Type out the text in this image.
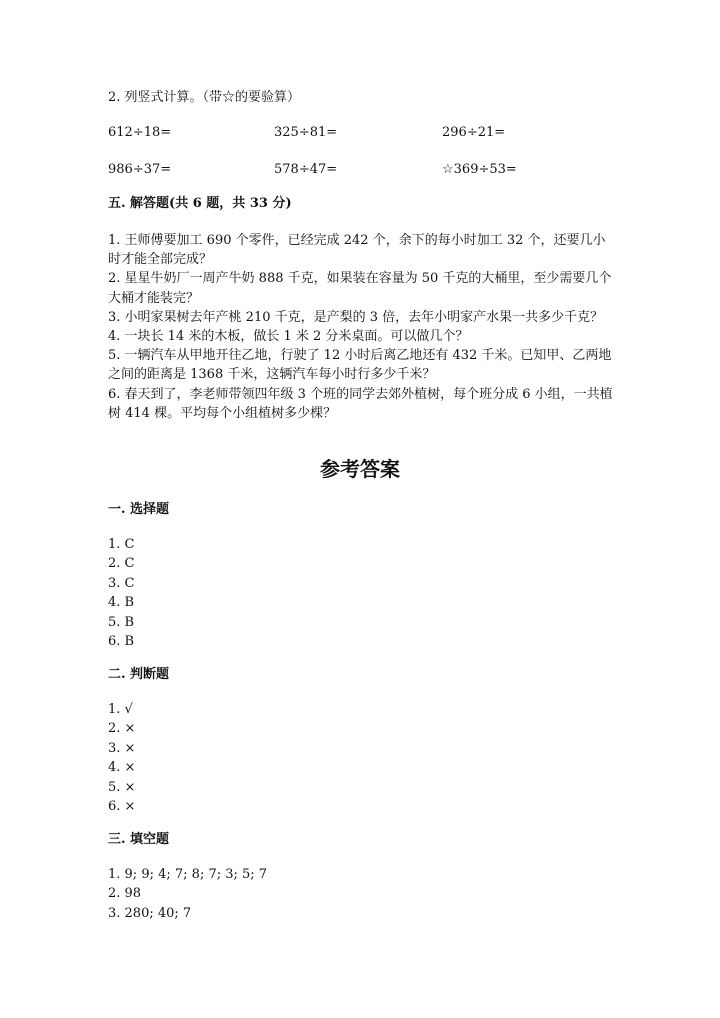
2. 列竖式计算。（带☆的要验算）
612÷18=	325÷81=	296÷21=
986÷37=	578÷47=	☆369÷53=
五. 解答题(共 6 题，共 33 分)
1. 王师傅要加工 690 个零件，已经完成 242 个，余下的每小时加工 32 个，还要几小时才能全部完成？
2. 星星牛奶厂一周产牛奶 888 千克，如果装在容量为 50 千克的大桶里，至少需要几个大桶才能装完？
3. 小明家果树去年产桃 210 千克，是产梨的 3 倍，去年小明家产水果一共多少千克？
4. 一块长 14 米的木板，做长 1 米 2 分米桌面。可以做几个？
5. 一辆汽车从甲地开往乙地，行驶了 12 小时后离乙地还有 432 千米。已知甲、乙两地之间的距离是 1368 千米，这辆汽车每小时行多少千米？
6. 春天到了，李老师带领四年级 3 个班的同学去郊外植树，每个班分成 6 小组，一共植树 414 棵。平均每个小组植树多少棵？
参考答案
一. 选择题
1. C
2. C
3. C
4. B
5. B
6. B
二. 判断题
1. √
2. ×
3. ×
4. ×
5. ×
6. ×
三. 填空题
1. 9; 9; 4; 7; 8; 7; 3; 5; 7
2. 98
3. 280; 40; 7
